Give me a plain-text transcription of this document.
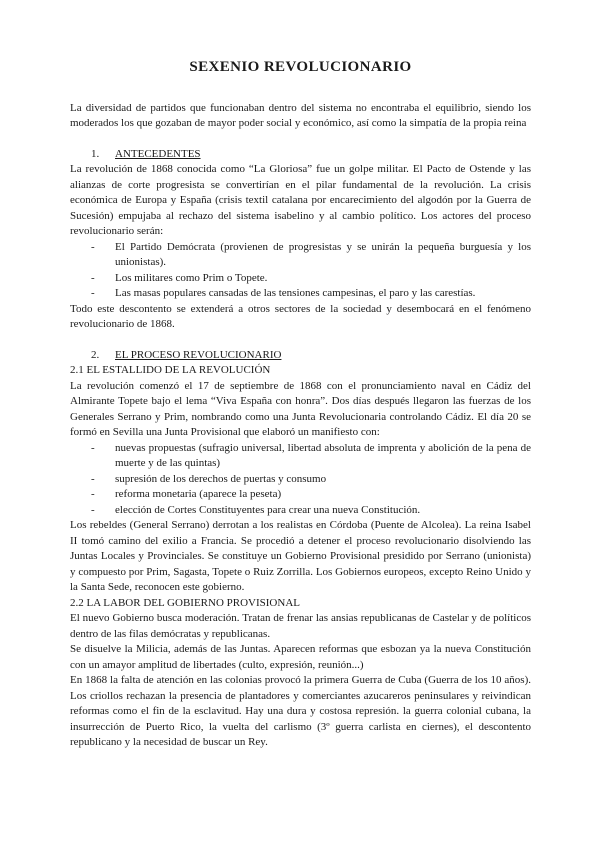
SEXENIO REVOLUCIONARIO

La diversidad de partidos que funcionaban dentro del sistema no encontraba el equilibrio, siendo los moderados los que gozaban de mayor poder social y económico, así como la simpatía de la propia reina

1. ANTECEDENTES

La revolución de 1868 conocida como “La Gloriosa” fue un golpe militar. El Pacto de Ostende y las alianzas de corte progresista se convertirían en el pilar fundamental de la revolución. La crisis económica de Europa y España (crisis textil catalana por encarecimiento del algodón por la Guerra de Sucesión) empujaba al rechazo del sistema isabelino y al cambio político. Los actores del proceso revolucionario serán:

- El Partido Demócrata (provienen de progresistas y se unirán la pequeña burguesía y los unionistas).
- Los militares como Prim o Topete.
- Las masas populares cansadas de las tensiones campesinas, el paro y las carestías.

Todo este descontento se extenderá a otros sectores de la sociedad y desembocará en el fenómeno revolucionario de 1868.

2. EL PROCESO REVOLUCIONARIO

2.1 EL ESTALLIDO DE LA REVOLUCIÓN

La revolución comenzó el 17 de septiembre de 1868 con el pronunciamiento naval en Cádiz del Almirante Topete bajo el lema “Viva España con honra”. Dos días después llegaron las fuerzas de los Generales Serrano y Prim, nombrando como una Junta Revolucionaria controlando Cádiz. El día 20 se formó en Sevilla una Junta Provisional que elaboró un manifiesto con:

- nuevas propuestas (sufragio universal, libertad absoluta de imprenta y abolición de la pena de muerte y de las quintas)
- supresión de los derechos de puertas y consumo
- reforma monetaria (aparece la peseta)
- elección de Cortes Constituyentes para crear una nueva Constitución.

Los rebeldes (General Serrano) derrotan a los realistas en Córdoba (Puente de Alcolea). La reina Isabel II tomó camino del exilio a Francia. Se procedió a detener el proceso revolucionario disolviendo las Juntas Locales y Provinciales. Se constituye un Gobierno Provisional presidido por Serrano (unionista) y compuesto por Prim, Sagasta, Topete o Ruiz Zorrilla. Los Gobiernos europeos, excepto Reino Unido y la Santa Sede, reconocen este gobierno.

2.2 LA LABOR DEL GOBIERNO PROVISIONAL

El nuevo Gobierno busca moderación. Tratan de frenar las ansias republicanas de Castelar y de políticos dentro de las filas demócratas y republicanas.

Se disuelve la Milicia, además de las Juntas. Aparecen reformas que esbozan ya la nueva Constitución con un amayor amplitud de libertades (culto, expresión, reunión...)

En 1868 la falta de atención en las colonias provocó la primera Guerra de Cuba (Guerra de los 10 años). Los criollos rechazan la presencia de plantadores y comerciantes azucareros peninsulares y reivindican reformas como el fin de la esclavitud. Hay una dura y costosa represión. la guerra colonial cubana, la insurrección de Puerto Rico, la vuelta del carlismo (3º guerra carlista en ciernes), el descontento republicano y la necesidad de buscar un Rey.
